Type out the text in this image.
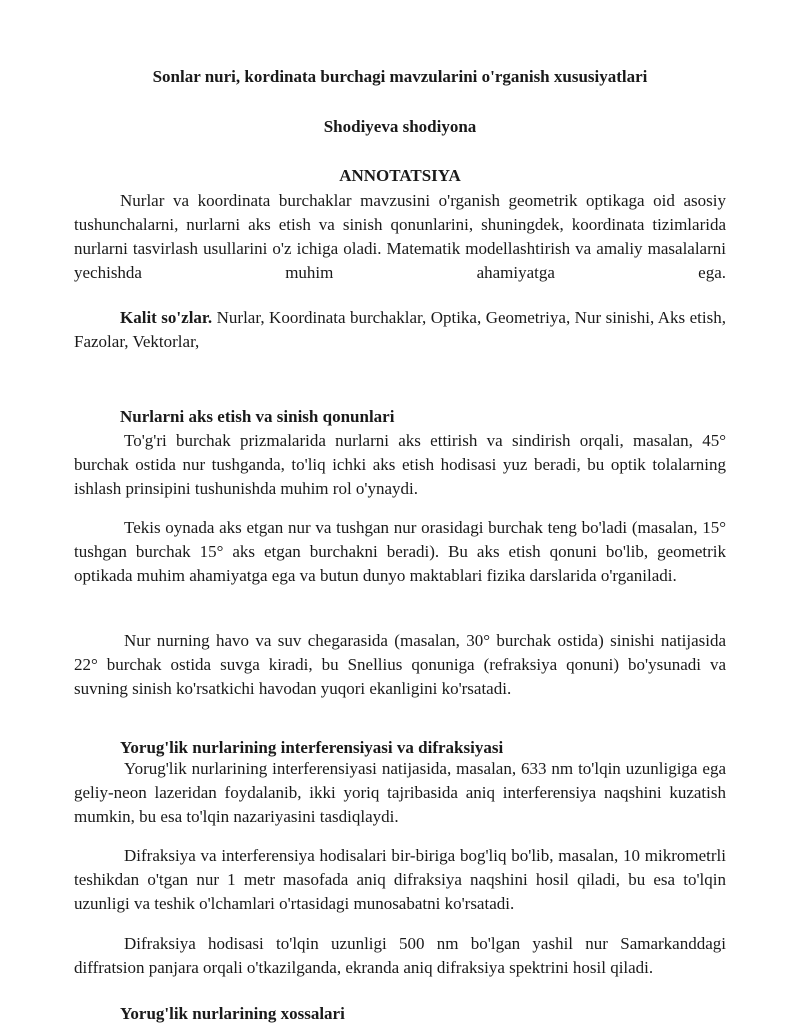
Sonlar nuri, kordinata burchagi mavzularini o'rganish xususiyatlari
Shodiyeva shodiyona
ANNOTATSIYA

Nurlar va koordinata burchaklar mavzusini o'rganish geometrik optikaga oid asosiy tushunchalarni, nurlarni aks etish va sinish qonunlarini, shuningdek, koordinata tizimlarida nurlarni tasvirlash usullarini o'z ichiga oladi. Matematik modellashtirish va amaliy masalalarni yechishda muhim ahamiyatga ega.

Kalit so'zlar. Nurlar, Koordinata burchaklar, Optika, Geometriya, Nur sinishi, Aks etish, Fazolar, Vektorlar,

Nurlarni aks etish va sinish qonunlari

To'g'ri burchak prizmalarida nurlarni aks ettirish va sindirish orqali, masalan, 45° burchak ostida nur tushganda, to'liq ichki aks etish hodisasi yuz beradi, bu optik tolalarning ishlash prinsipini tushunishda muhim rol o'ynaydi.

Tekis oynada aks etgan nur va tushgan nur orasidagi burchak teng bo'ladi (masalan, 15° tushgan burchak 15° aks etgan burchakni beradi). Bu aks etish qonuni bo'lib, geometrik optikada muhim ahamiyatga ega va butun dunyo maktablari fizika darslarida o'rganiladi.

Nur nurning havo va suv chegarasida (masalan, 30° burchak ostida) sinishi natijasida 22° burchak ostida suvga kiradi, bu Snellius qonuniga (refraksiya qonuni) bo'ysunadi va suvning sinish ko'rsatkichi havodan yuqori ekanligini ko'rsatadi.

Yorug'lik nurlarining interferensiyasi va difraksiyasi

Yorug'lik nurlarining interferensiyasi natijasida, masalan, 633 nm to'lqin uzunligiga ega geliy-neon lazeridan foydalanib, ikki yoriq tajribasida aniq interferensiya naqshini kuzatish mumkin, bu esa to'lqin nazariyasini tasdiqlaydi.

Difraksiya va interferensiya hodisalari bir-biriga bog'liq bo'lib, masalan, 10 mikrometrli teshikdan o'tgan nur 1 metr masofada aniq difraksiya naqshini hosil qiladi, bu esa to'lqin uzunligi va teshik o'lchamlari o'rtasidagi munosabatni ko'rsatadi.

Difraksiya hodisasi to'lqin uzunligi 500 nm bo'lgan yashil nur Samarkanddagi diffratsion panjara orqali o'tkazilganda, ekranda aniq difraksiya spektrini hosil qiladi.

Yorug'lik nurlarining xossalari
